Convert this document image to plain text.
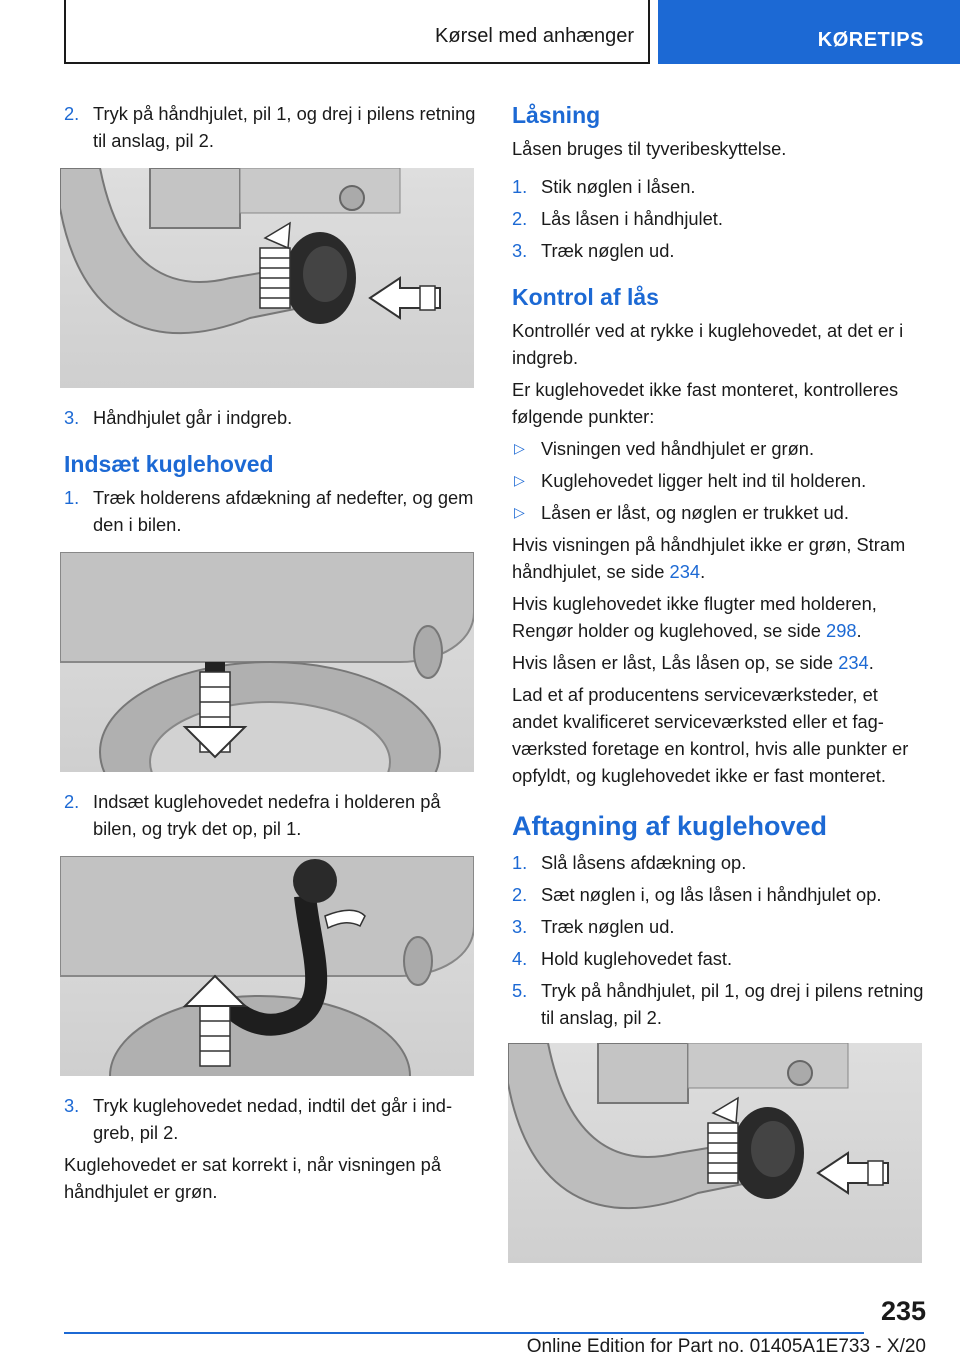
Kørsel med anhænger	KØRETIPS
2. Tryk på håndhjulet, pil 1, og drej i pilens retning til anslag, pil 2.
3. Håndhjulet går i indgreb.
Indsæt kuglehoved
1. Træk holderens afdækning af nedefter, og gem den i bilen.
2. Indsæt kuglehovedet nedefra i holderen på bilen, og tryk det op, pil 1.
3. Tryk kuglehovedet nedad, indtil det går i indgreb, pil 2.

Kuglehovedet er sat korrekt i, når visningen på håndhjulet er grøn.

Låsning

Låsen bruges til tyveribeskyttelse.

1. Stik nøglen i låsen.
2. Lås låsen i håndhjulet.
3. Træk nøglen ud.
Kontrol af lås

Kontrollér ved at rykke i kuglehovedet, at det er i indgreb.

Er kuglehovedet ikke fast monteret, kontrolleres følgende punkter:

▷ Visningen ved håndhjulet er grøn.
▷ Kuglehovedet ligger helt ind til holderen.
▷ Låsen er låst, og nøglen er trukket ud.

Hvis visningen på håndhjulet ikke er grøn, Stram håndhjulet, se side 234.

Hvis kuglehovedet ikke flugter med holderen, Rengør holder og kuglehoved, se side 298.

Hvis låsen er låst, Lås låsen op, se side 234.

Lad et af producentens serviceværksteder, et andet kvalificeret serviceværksted eller et fagværksted foretage en kontrol, hvis alle punkter er opfyldt, og kuglehovedet ikke er fast monteret.

Aftagning af kuglehoved
1. Slå låsens afdækning op.
2. Sæt nøglen i, og lås låsen i håndhjulet op.
3. Træk nøglen ud.
4. Hold kuglehovedet fast.
5. Tryk på håndhjulet, pil 1, og drej i pilens retning til anslag, pil 2.
235
Online Edition for Part no. 01405A1E733 - X/20
